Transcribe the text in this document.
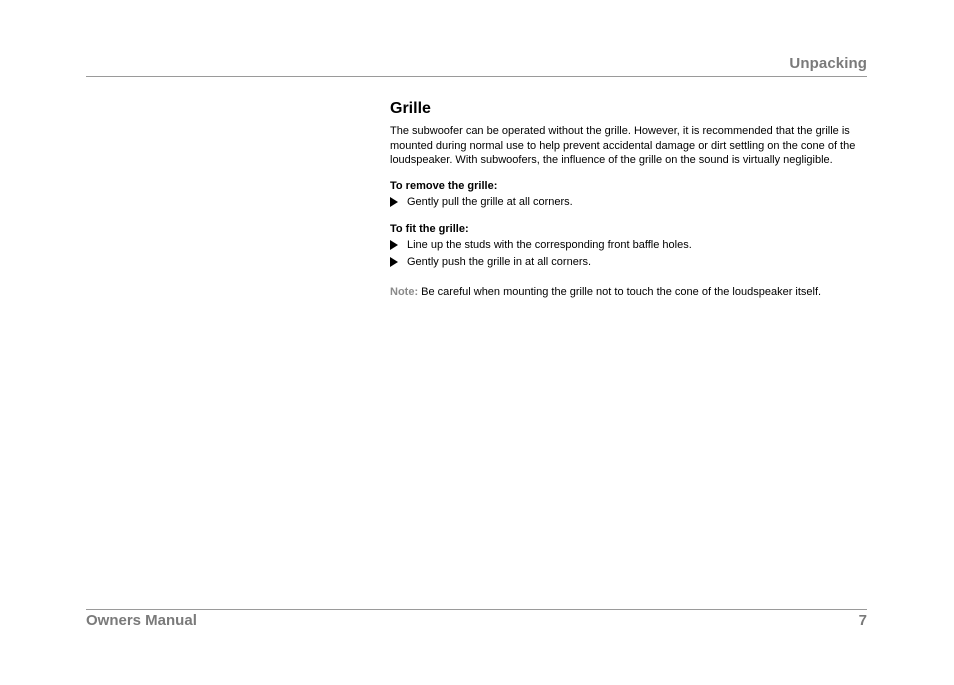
Unpacking
Grille

The subwoofer can be operated without the grille. However, it is recommended that the grille is mounted during normal use to help prevent accidental damage or dirt settling on the cone of the loudspeaker. With subwoofers, the influence of the grille on the sound is virtually negligible.

To remove the grille:

Gently pull the grille at all corners.

To fit the grille:

Line up the studs with the corresponding front baffle holes.
Gently push the grille in at all corners.

Note: Be careful when mounting the grille not to touch the cone of the loudspeaker itself.

Owners Manual	7
